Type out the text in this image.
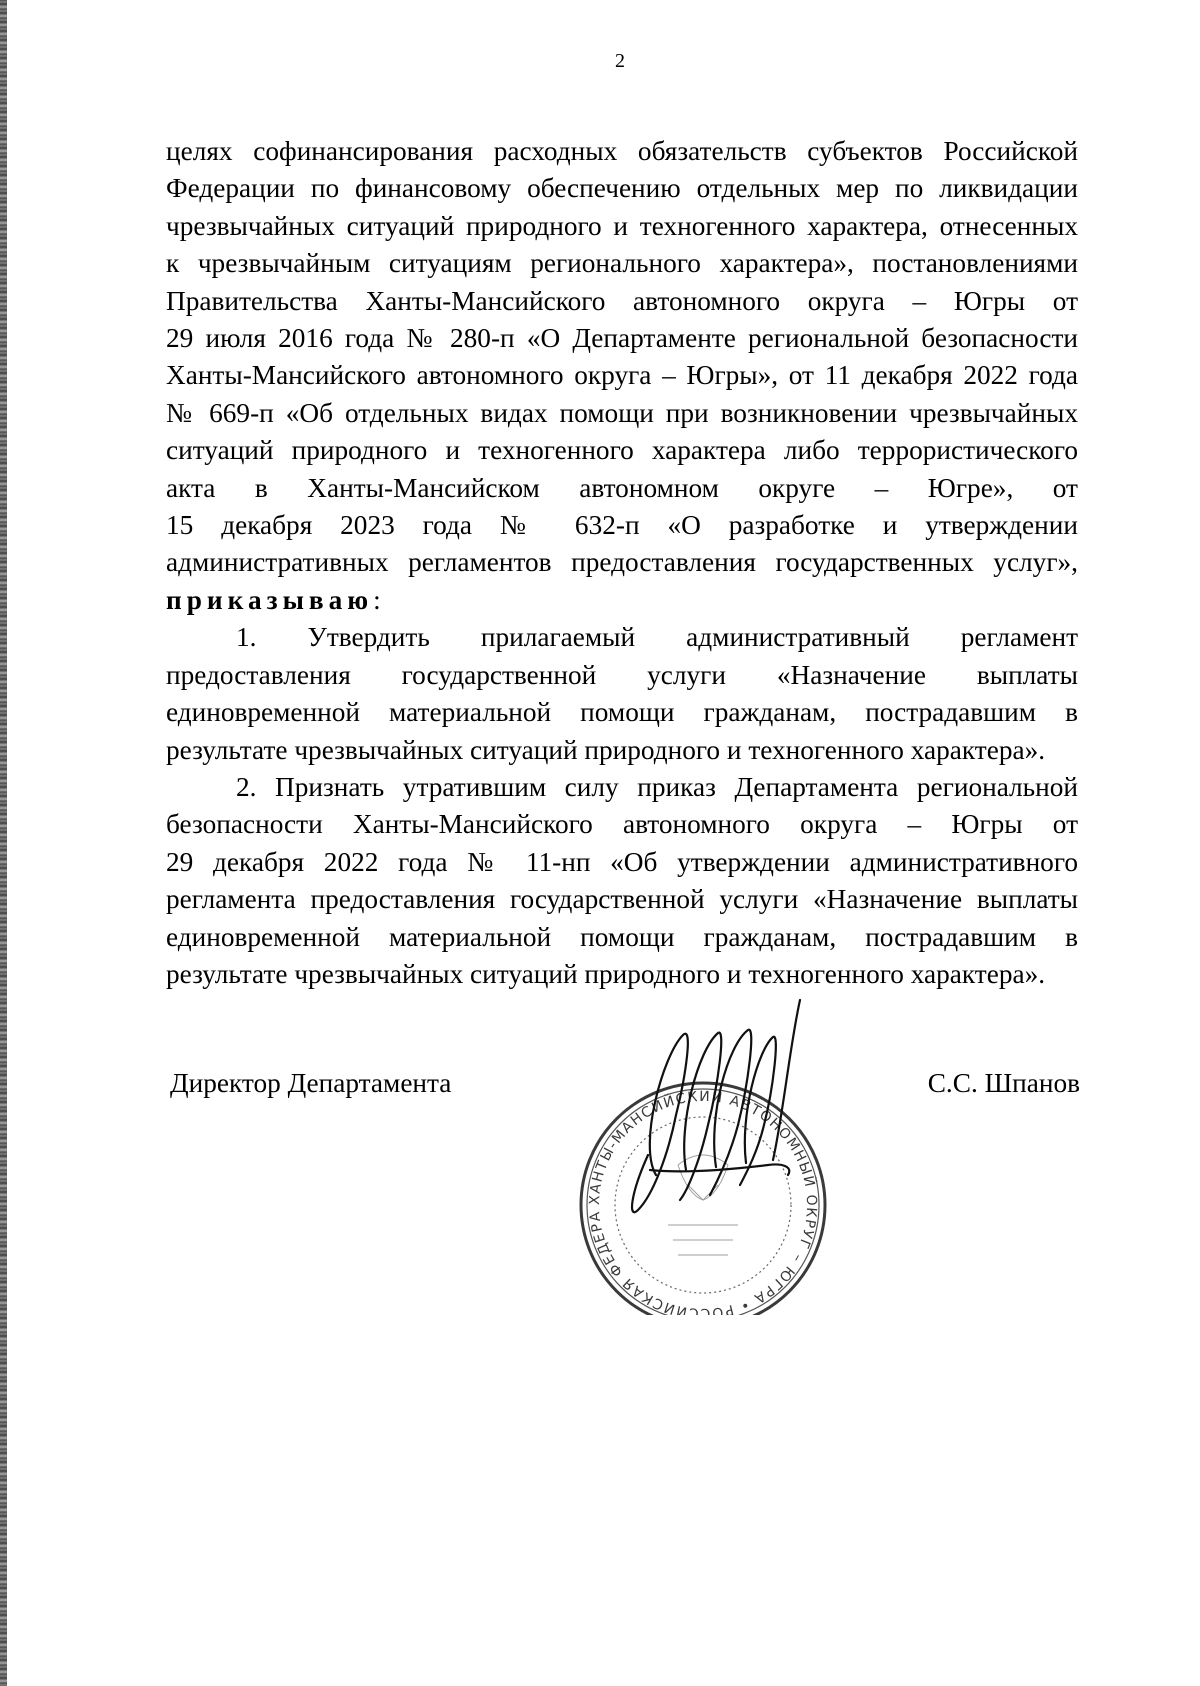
2

целях софинансирования расходных обязательств субъектов Российской
Федерации по финансовому обеспечению отдельных мер по ликвидации
чрезвычайных ситуаций природного и техногенного характера, отнесенных
к чрезвычайным ситуациям регионального характера», постановлениями
Правительства Ханты-Мансийского автономного округа – Югры от
29 июля 2016 года № 280-п «О Департаменте региональной безопасности
Ханты-Мансийского автономного округа – Югры», от 11 декабря 2022 года
№ 669-п «Об отдельных видах помощи при возникновении чрезвычайных
ситуаций природного и техногенного характера либо террористического
акта в Ханты-Мансийском автономном округе – Югре», от
15 декабря 2023 года № 632-п «О разработке и утверждении
административных регламентов предоставления государственных услуг»,
приказываю:

1. Утвердить прилагаемый административный регламент
предоставления государственной услуги «Назначение выплаты
единовременной материальной помощи гражданам, пострадавшим в
результате чрезвычайных ситуаций природного и техногенного характера».

2. Признать утратившим силу приказ Департамента региональной
безопасности Ханты-Мансийского автономного округа – Югры от
29 декабря 2022 года № 11-нп «Об утверждении административного
регламента предоставления государственной услуги «Назначение выплаты
единовременной материальной помощи гражданам, пострадавшим в
результате чрезвычайных ситуаций природного и техногенного характера».

Директор Департамента	С.С. Шпанов
ХАНТЫ-МАНСИЙСКИЙ АВТОНОМНЫЙ ОКРУГ – ЮГРА • РОССИЙСКАЯ ФЕДЕРА
